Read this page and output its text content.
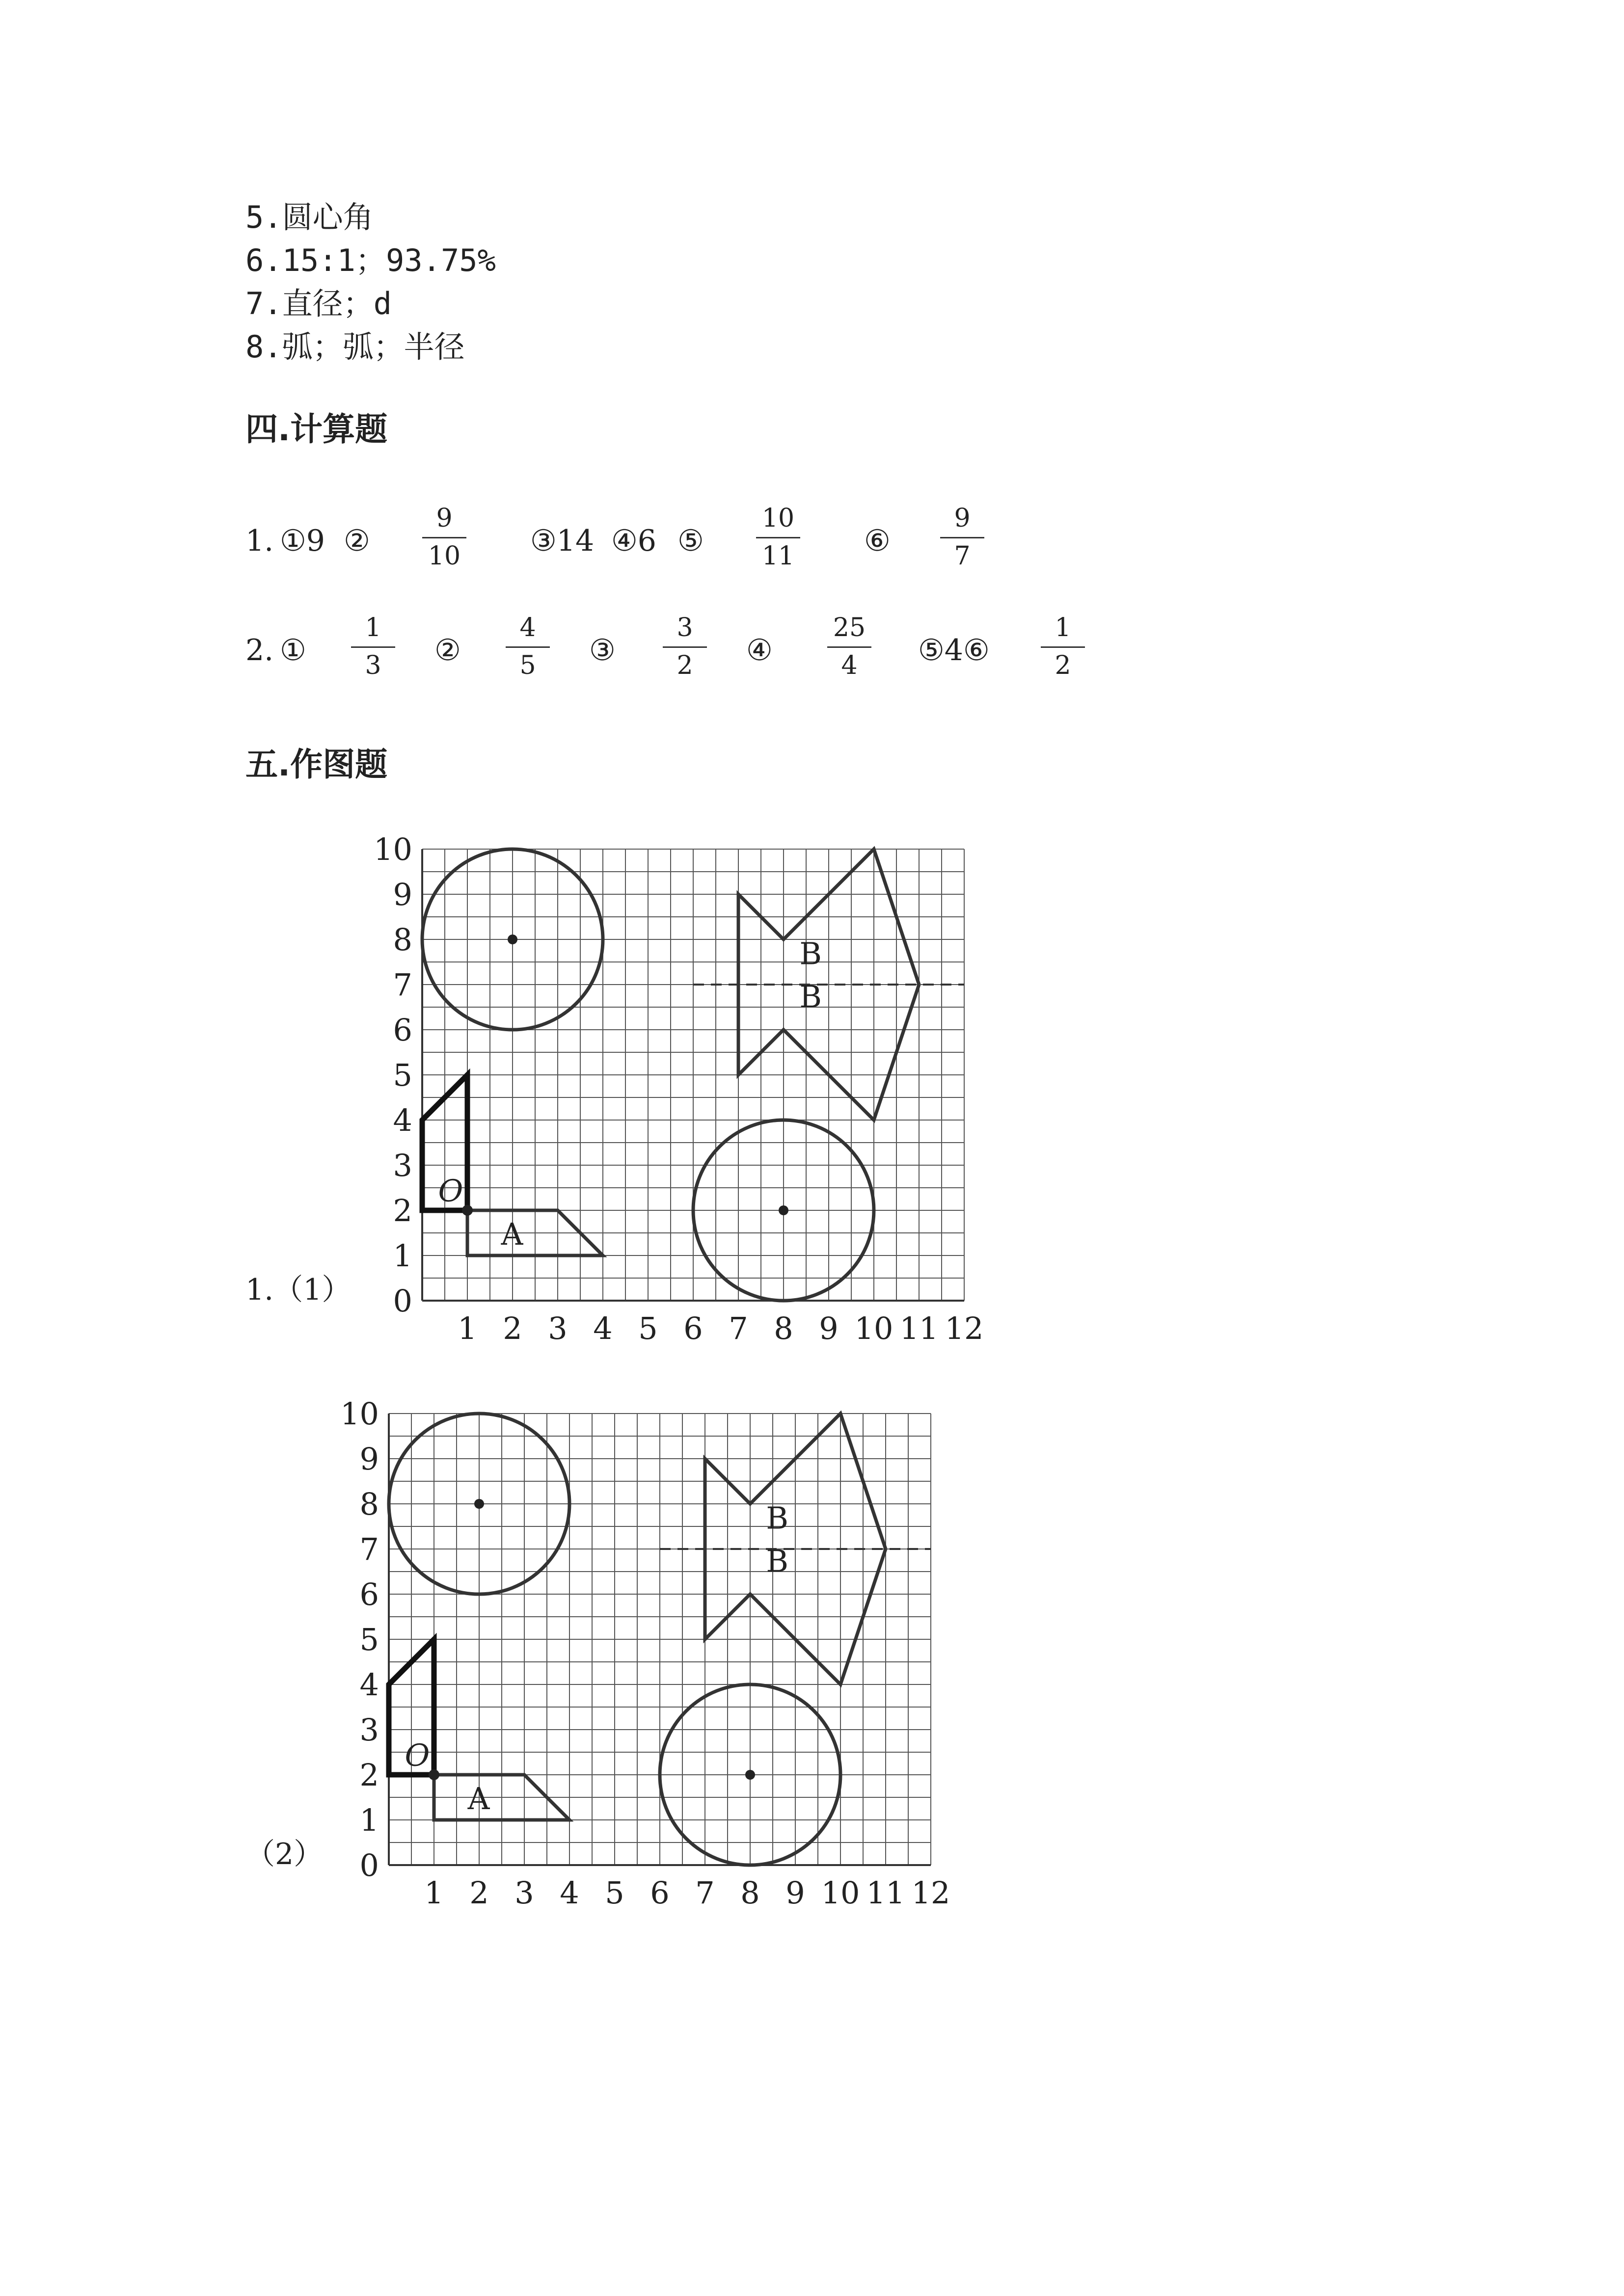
5.圆心角
6.15:1；93.75%
7.直径；d
8.弧；弧；半径
四.计算题
1. ①9 ②
9
10	③14 ④6 ⑤
10
11	⑥
9
7
2. ①
1
3	②
4
5	③
3
2	④
25
4	⑤4⑥
1
2
五.作图题
1.（1）
1 2 3 4 5 6 7 8 9 10 11 12
0
1
2
3
4
5
6
7
8
9
10
A
O
B
B
（2）
1 2 3 4 5 6 7 8 9 10 11 12
0
1
2
3
4
5
6
7
8
9
10
A
O
B
B
